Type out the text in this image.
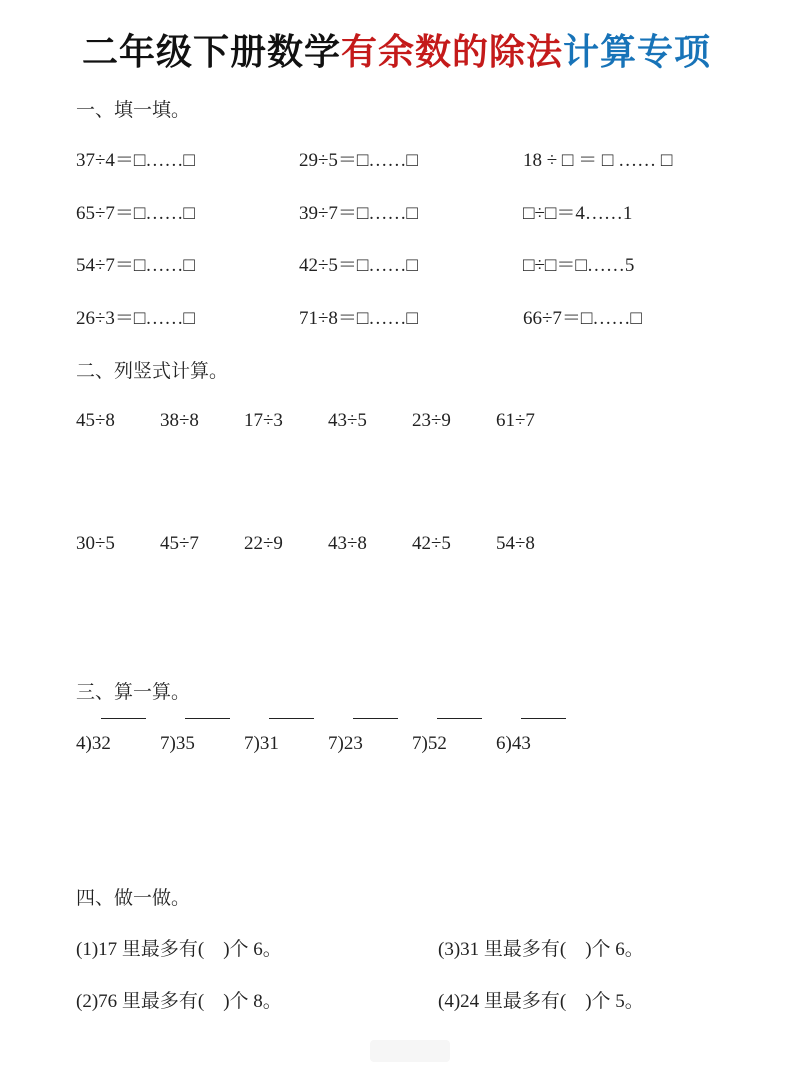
二年级下册数学有余数的除法计算专项
一、填一填。
37÷4＝□……□	29÷5＝□……□	18 ÷ □ ＝ □ …… □
65÷7＝□……□	39÷7＝□……□	□÷□＝4……1
54÷7＝□……□	42÷5＝□……□	□÷□＝□……5
26÷3＝□……□	71÷8＝□……□	66÷7＝□……□
二、列竖式计算。
45÷8 38÷8 17÷3 43÷5 23÷9 61÷7
30÷5 45÷7 22÷9 43÷8 42÷5 54÷8
三、算一算。
4)
32	7)
35	7)
31	7)
23	7)
52	6)
43
四、做一做。
(1)17 里最多有(　)个 6。	(3)31 里最多有(　)个 6。
(2)76 里最多有(　)个 8。	(4)24 里最多有(　)个 5。
